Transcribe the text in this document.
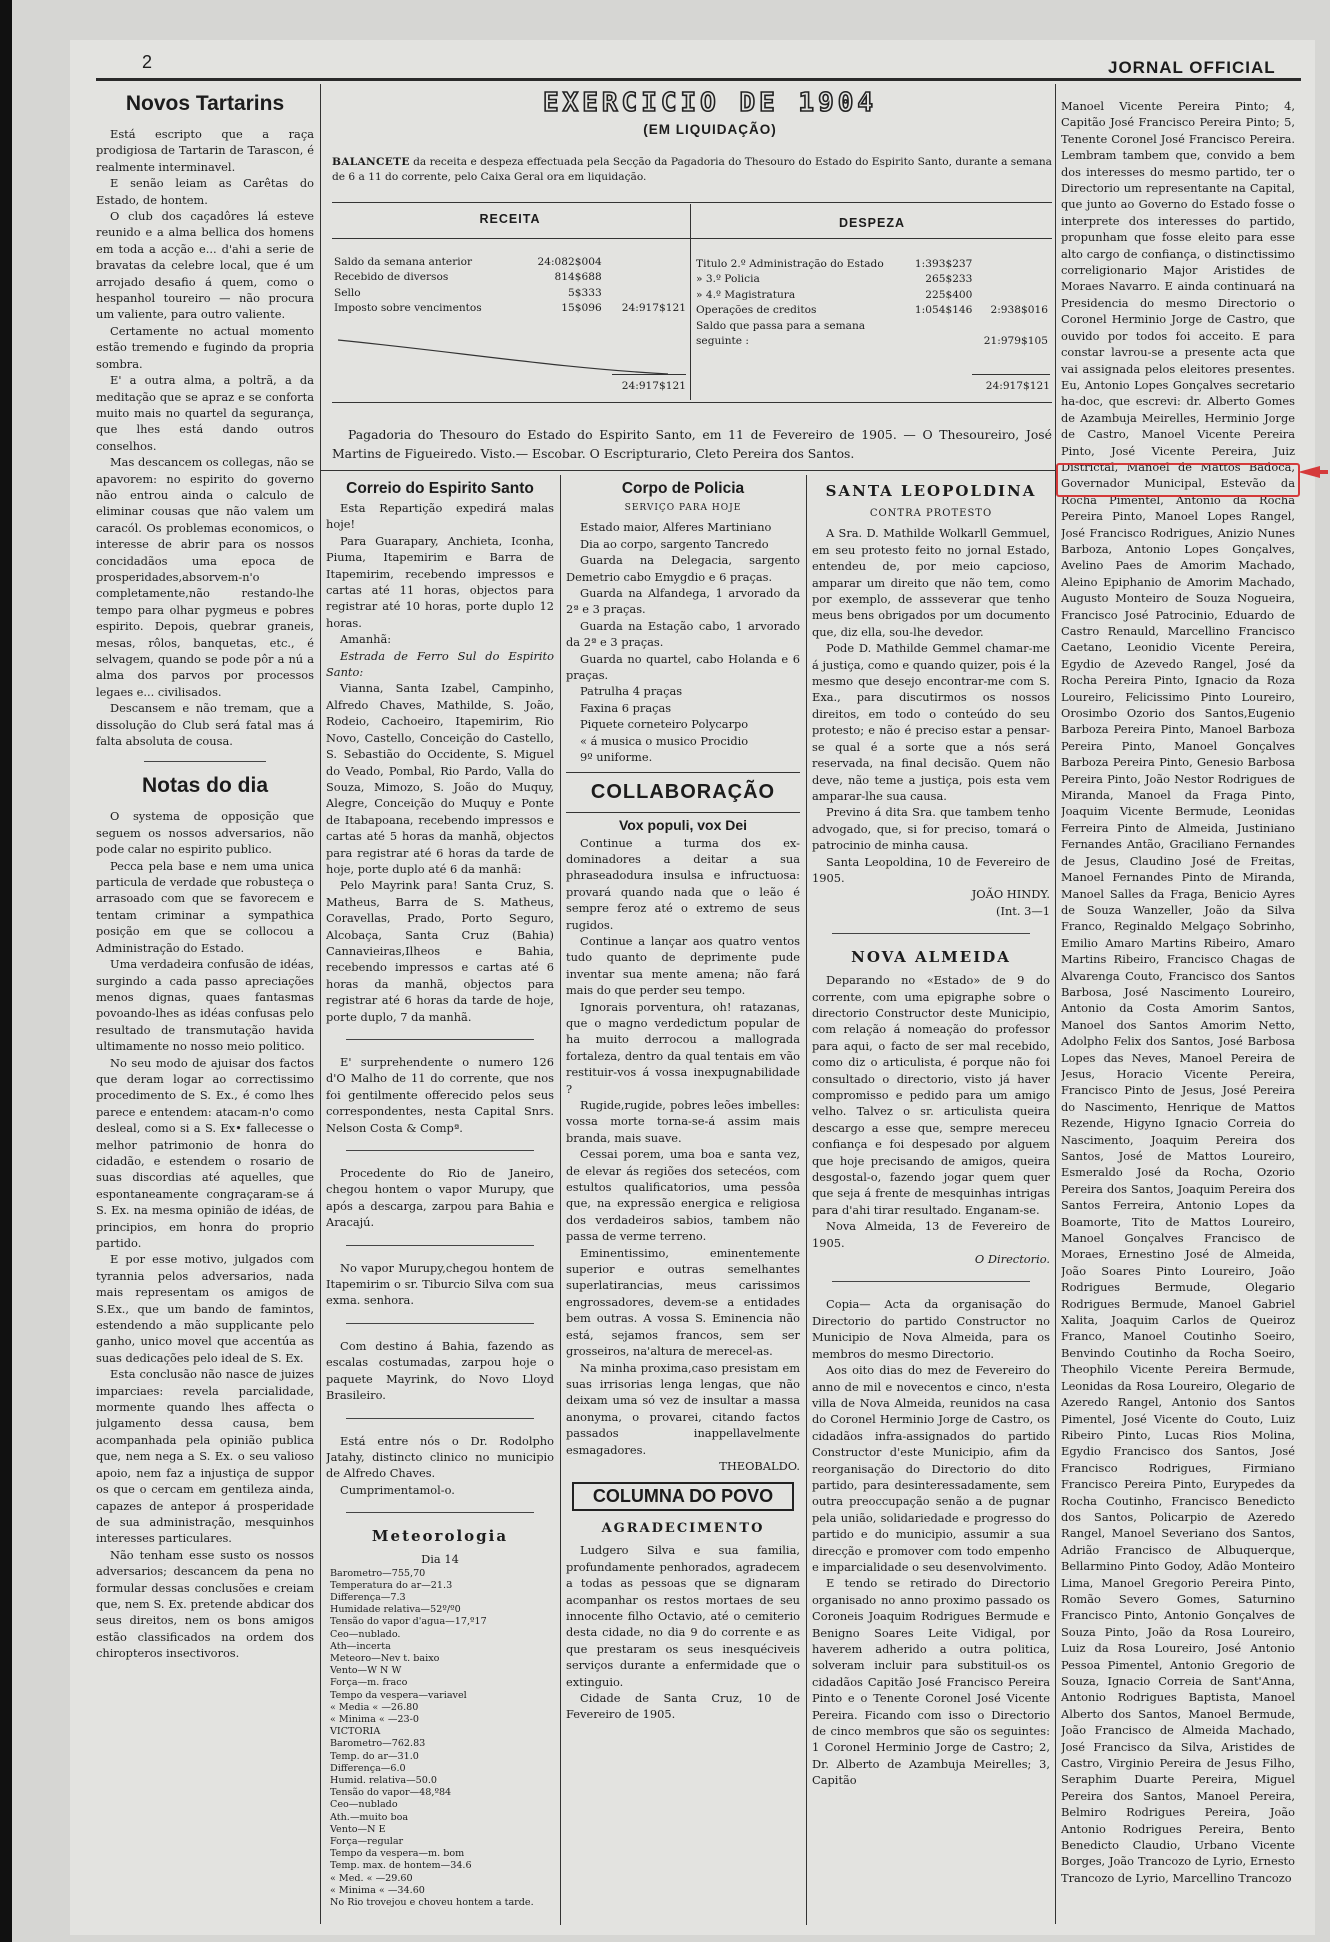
2	JORNAL OFFICIAL
Novos Tartarins

Está escripto que a raça prodigiosa de Tartarin de Tarascon, é realmente interminavel.

E senão leiam as Carêtas do Estado, de hontem.

O club dos caçadôres lá esteve reunido e a alma bellica dos homens em toda a acção e... d'ahi a serie de bravatas da celebre local, que é um arrojado desafio á quem, como o hespanhol toureiro — não procura um valiente, para outro valiente.

Certamente no actual momento estão tremendo e fugindo da propria sombra.

E' a outra alma, a poltrã, a da meditação que se apraz e se conforta muito mais no quartel da segurança, que lhes está dando outros conselhos.

Mas descancem os collegas, não se apavorem: no espirito do governo não entrou ainda o calculo de eliminar cousas que não valem um caracól. Os problemas economicos, o interesse de abrir para os nossos concidadãos uma epoca de prosperidades,absorvem-n'o completamente,não restando-lhe tempo para olhar pygmeus e pobres espirito. Depois, quebrar graneis, mesas, rôlos, banquetas, etc., é selvagem, quando se pode pôr a nú a alma dos parvos por processos legaes e... civilisados.

Descansem e não tremam, que a dissolução do Club será fatal mas á falta absoluta de cousa.

Notas do dia

O systema de opposição que seguem os nossos adversarios, não pode calar no espirito publico.

Pecca pela base e nem uma unica particula de verdade que robusteça o arrasoado com que se favorecem e tentam criminar a sympathica posição em que se collocou a Administração do Estado.

Uma verdadeira confusão de idéas, surgindo a cada passo apreciações menos dignas, quaes fantasmas povoando-lhes as idéas confusas pelo resultado de transmutação havida ultimamente no nosso meio politico.

No seu modo de ajuisar dos factos que deram logar ao correctissimo procedimento de S. Ex., é como lhes parece e entendem: atacam-n'o como desleal, como si a S. Ex• fallecesse o melhor patrimonio de honra do cidadão, e estendem o rosario de suas discordias até aquelles, que espontaneamente congraçaram-se á S. Ex. na mesma opinião de idéas, de principios, em honra do proprio partido.

E por esse motivo, julgados com tyrannia pelos adversarios, nada mais representam os amigos de S.Ex., que um bando de famintos, estendendo a mão supplicante pelo ganho, unico movel que accentúa as suas dedicações pelo ideal de S. Ex.

Esta conclusão não nasce de juizes imparciaes: revela parcialidade, mormente quando lhes affecta o julgamento dessa causa, bem acompanhada pela opinião publica que, nem nega a S. Ex. o seu valioso apoio, nem faz a injustiça de suppor os que o cercam em gentileza ainda, capazes de antepor á prosperidade de sua administração, mesquinhos interesses particulares.

Não tenham esse susto os nossos adversarios; descancem da pena no formular dessas conclusões e creiam que, nem S. Ex. pretende abdicar dos seus direitos, nem os bons amigos estão classificados na ordem dos chiropteros insectivoros.

EXERCICIO DE 1904
(EM LIQUIDAÇÃO)
BALANCETE da receita e despeza effectuada pela Secção da Pagadoria do Thesouro do Estado do Espirito Santo, durante a semana de 6 a 11 do corrente, pelo Caixa Geral ora em liquidação.
RECEITA	DESPEZA
Saldo da semana anterior	24:082$004	
Recebido de diversos	814$688	
Sello	5$333	
Imposto sobre vencimentos	15$096	24:917$121
24:917$121
Titulo 2.º Administração do Estado	1:393$237	
» 3.º Policia	265$233	
» 4.º Magistratura	225$400	
Operações de creditos	1:054$146	2:938$016
Saldo que passa para a semana		
seguinte :		21:979$105
24:917$121
Pagadoria do Thesouro do Estado do Espirito Santo, em 11 de Fevereiro de 1905. — O Thesoureiro, José Martins de Figueiredo. Visto.— Escobar. O Escripturario, Cleto Pereira dos Santos.
Correio do Espirito Santo

Esta Repartição expedirá malas hoje!

Para Guarapary, Anchieta, Iconha, Piuma, Itapemirim e Barra de Itapemirim, recebendo impressos e cartas até 11 horas, objectos para registrar até 10 horas, porte duplo 12 horas.

Amanhã:

Estrada de Ferro Sul do Espirito Santo:

Vianna, Santa Izabel, Campinho, Alfredo Chaves, Mathilde, S. João, Rodeio, Cachoeiro, Itapemirim, Rio Novo, Castello, Conceição do Castello, S. Sebastião do Occidente, S. Miguel do Veado, Pombal, Rio Pardo, Valla do Souza, Mimozo, S. João do Muquy, Alegre, Conceição do Muquy e Ponte de Itabapoana, recebendo impressos e cartas até 5 horas da manhã, objectos para registrar até 6 horas da tarde de hoje, porte duplo até 6 da manhã:

Pelo Mayrink para! Santa Cruz, S. Matheus, Barra de S. Matheus, Coravellas, Prado, Porto Seguro, Alcobaça, Santa Cruz (Bahia) Cannavieiras,Ilheos e Bahia, recebendo impressos e cartas até 6 horas da manhã, objectos para registrar até 6 horas da tarde de hoje, porte duplo, 7 da manhã.

E' surprehendente o numero 126 d'O Malho de 11 do corrente, que nos foi gentilmente offerecido pelos seus correspondentes, nesta Capital Snrs. Nelson Costa & Compª.

Procedente do Rio de Janeiro, chegou hontem o vapor Murupy, que após a descarga, zarpou para Bahia e Aracajú.

No vapor Murupy,chegou hontem de Itapemirim o sr. Tiburcio Silva com sua exma. senhora.

Com destino á Bahia, fazendo as escalas costumadas, zarpou hoje o paquete Mayrink, do Novo Lloyd Brasileiro.

Está entre nós o Dr. Rodolpho Jatahy, distincto clinico no municipio de Alfredo Chaves.

Cumprimentamol-o.

Meteorologia

Dia 14

Barometro—755,70
Temperatura do ar—21.3
Differença—7.3
Humidade relativa—52º/º0
Tensão do vapor d'agua—17,º17
Ceo—nublado.
Ath—incerta
Meteoro—Nev t. baixo
Vento—W N W
Força—m. fraco
Tempo da vespera—variavel
« Media « —26.80
« Minima « —23-0
VICTORIA
Barometro—762.83
Temp. do ar—31.0
Differença—6.0
Humid. relativa—50.0
Tensão do vapor—48,º84
Ceo—nublado
Ath.—muito boa
Vento—N E
Força—regular
Tempo da vespera—m. bom
Temp. max. de hontem—34.6
« Med. « —29.60
« Minima « —34.60
No Rio trovejou e choveu hontem a tarde.
Corpo de Policia
SERVIÇO PARA HOJE

Estado maior, Alferes Martiniano

Dia ao corpo, sargento Tancredo

Guarda na Delegacia, sargento Demetrio cabo Emygdio e 6 praças.

Guarda na Alfandega, 1 arvorado da 2ª e 3 praças.

Guarda na Estação cabo, 1 arvorado da 2ª e 3 praças.

Guarda no quartel, cabo Holanda e 6 praças.

Patrulha 4 praças

Faxina 6 praças

Piquete corneteiro Polycarpo

« á musica o musico Procidio

9º uniforme.

COLLABORAÇÃO
Vox populi, vox Dei

Continue a turma dos ex-dominadores a deitar a sua phraseadodura insulsa e infructuosa: provará quando nada que o leão é sempre feroz até o extremo de seus rugidos.

Continue a lançar aos quatro ventos tudo quanto de deprimente pude inventar sua mente amena; não fará mais do que perder seu tempo.

Ignorais porventura, oh! ratazanas, que o magno verdedictum popular de ha muito derrocou a mallograda fortaleza, dentro da qual tentais em vão restituir-vos á vossa inexpugnabilidade ?

Rugide,rugide, pobres leões imbelles: vossa morte torna-se-á assim mais branda, mais suave.

Cessai porem, uma boa e santa vez, de elevar ás regiões dos setecéos, com estultos qualificatorios, uma pessôa que, na expressão energica e religiosa dos verdadeiros sabios, tambem não passa de verme terreno.

Eminentissimo, eminentemente superior e outras semelhantes superlatirancias, meus carissimos engrossadores, devem-se a entidades bem outras. A vossa S. Eminencia não está, sejamos francos, sem ser grosseiros, na'altura de merecel-as.

Na minha proxima,caso presistam em suas irrisorias lenga lengas, que não deixam uma só vez de insultar a massa anonyma, o provarei, citando factos passados inappellavelmente esmagadores.

THEOBALDO.

COLUMNA DO POVO
AGRADECIMENTO

Ludgero Silva e sua familia, profundamente penhorados, agradecem a todas as pessoas que se dignaram acompanhar os restos mortaes de seu innocente filho Octavio, até o cemiterio desta cidade, no dia 9 do corrente e as que prestaram os seus inesquéciveis serviços durante a enfermidade que o extinguio.

Cidade de Santa Cruz, 10 de Fevereiro de 1905.

SANTA LEOPOLDINA
CONTRA PROTESTO

A Sra. D. Mathilde Wolkarll Gemmuel, em seu protesto feito no jornal Estado, entendeu de, por meio capcioso, amparar um direito que não tem, como por exemplo, de assseverar que tenho meus bens obrigados por um documento que, diz ella, sou-lhe devedor.

Pode D. Mathilde Gemmel chamar-me á justiça, como e quando quizer, pois é la mesmo que desejo encontrar-me com S. Exa., para discutirmos os nossos direitos, em todo o conteúdo do seu protesto; e não é preciso estar a pensar-se qual é a sorte que a nós será reservada, na final decisão. Quem não deve, não teme a justiça, pois esta vem amparar-lhe sua causa.

Previno á dita Sra. que tambem tenho advogado, que, si for preciso, tomará o patrocinio de minha causa.

Santa Leopoldina, 10 de Fevereiro de 1905.

JOÃO HINDY.

(Int. 3—1

NOVA ALMEIDA

Deparando no «Estado» de 9 do corrente, com uma epigraphe sobre o directorio Constructor deste Municipio, com relação á nomeação do professor para aqui, o facto de ser mal recebido, como diz o articulista, é porque não foi consultado o directorio, visto já haver compromisso e pedido para um amigo velho. Talvez o sr. articulista queira descargo a esse que, sempre mereceu confiança e foi despesado por alguem que hoje precisando de amigos, queira desgostal-o, fazendo jogar quem quer que seja á frente de mesquinhas intrigas para d'ahi tirar resultado. Enganam-se.

Nova Almeida, 13 de Fevereiro de 1905.

O Directorio.

Copia— Acta da organisação do Directorio do partido Constructor no Municipio de Nova Almeida, para os membros do mesmo Directorio.

Aos oito dias do mez de Fevereiro do anno de mil e novecentos e cinco, n'esta villa de Nova Almeida, reunidos na casa do Coronel Herminio Jorge de Castro, os cidadãos infra-assignados do partido Constructor d'este Municipio, afim da reorganisação do Directorio do dito partido, para desinteressadamente, sem outra preoccupação senão a de pugnar pela união, solidariedade e progresso do partido e do municipio, assumir a sua direcção e promover com todo empenho e imparcialidade o seu desenvolvimento.

E tendo se retirado do Directorio organisado no anno proximo passado os Coroneis Joaquim Rodrigues Bermude e Benigno Soares Leite Vidigal, por haverem adherido a outra politica, solveram incluir para substituil-os os cidadãos Capitão José Francisco Pereira Pinto e o Tenente Coronel José Vicente Pereira. Ficando com isso o Directorio de cinco membros que são os seguintes: 1 Coronel Herminio Jorge de Castro; 2, Dr. Alberto de Azambuja Meirelles; 3, Capitão

Manoel Vicente Pereira Pinto; 4, Capitão José Francisco Pereira Pinto; 5, Tenente Coronel José Francisco Pereira. Lembram tambem que, convido a bem dos interesses do mesmo partido, ter o Directorio um representante na Capital, que junto ao Governo do Estado fosse o interprete dos interesses do partido, propunham que fosse eleito para esse alto cargo de confiança, o distinctissimo correligionario Major Aristides de Moraes Navarro. E ainda continuará na Presidencia do mesmo Directorio o Coronel Herminio Jorge de Castro, que ouvido por todos foi acceito. E para constar lavrou-se a presente acta que vai assignada pelos eleitores presentes. Eu, Antonio Lopes Gonçalves secretario ha-doc, que escrevi: dr. Alberto Gomes de Azambuja Meirelles, Herminio Jorge de Castro, Manoel Vicente Pereira Pinto, José Vicente Pereira, Juiz Districtal, Manoel de Mattos Badoca, Governador Municipal, Estevão da Rocha Pimentel, Antonio da Rocha Pereira Pinto, Manoel Lopes Rangel, José Francisco Rodrigues, Anizio Nunes Barboza, Antonio Lopes Gonçalves, Avelino Paes de Amorim Machado, Aleino Epiphanio de Amorim Machado, Augusto Monteiro de Souza Nogueira, Francisco José Patrocinio, Eduardo de Castro Renauld, Marcellino Francisco Caetano, Leonidio Vicente Pereira, Egydio de Azevedo Rangel, José da Rocha Pereira Pinto, Ignacio da Roza Loureiro, Felicissimo Pinto Loureiro, Orosimbo Ozorio dos Santos,Eugenio Barboza Pereira Pinto, Manoel Barboza Pereira Pinto, Manoel Gonçalves Barboza Pereira Pinto, Genesio Barbosa Pereira Pinto, João Nestor Rodrigues de Miranda, Manoel da Fraga Pinto, Joaquim Vicente Bermude, Leonidas Ferreira Pinto de Almeida, Justiniano Fernandes Antão, Graciliano Fernandes de Jesus, Claudino José de Freitas, Manoel Fernandes Pinto de Miranda, Manoel Salles da Fraga, Benicio Ayres de Souza Wanzeller, João da Silva Franco, Reginaldo Melgaço Sobrinho, Emilio Amaro Martins Ribeiro, Amaro Martins Ribeiro, Francisco Chagas de Alvarenga Couto, Francisco dos Santos Barbosa, José Nascimento Loureiro, Antonio da Costa Amorim Santos, Manoel dos Santos Amorim Netto, Adolpho Felix dos Santos, José Barbosa Lopes das Neves, Manoel Pereira de Jesus, Horacio Vicente Pereira, Francisco Pinto de Jesus, José Pereira do Nascimento, Henrique de Mattos Rezende, Higyno Ignacio Correia do Nascimento, Joaquim Pereira dos Santos, José de Mattos Loureiro, Esmeraldo José da Rocha, Ozorio Pereira dos Santos, Joaquim Pereira dos Santos Ferreira, Antonio Lopes da Boamorte, Tito de Mattos Loureiro, Manoel Gonçalves Francisco de Moraes, Ernestino José de Almeida, João Soares Pinto Loureiro, João Rodrigues Bermude, Olegario Rodrigues Bermude, Manoel Gabriel Xalita, Joaquim Carlos de Queiroz Franco, Manoel Coutinho Soeiro, Benvindo Coutinho da Rocha Soeiro, Theophilo Vicente Pereira Bermude, Leonidas da Rosa Loureiro, Olegario de Azeredo Rangel, Antonio dos Santos Pimentel, José Vicente do Couto, Luiz Ribeiro Pinto, Lucas Rios Molina, Egydio Francisco dos Santos, José Francisco Rodrigues, Firmiano Francisco Pereira Pinto, Eurypedes da Rocha Coutinho, Francisco Benedicto dos Santos, Policarpio de Azeredo Rangel, Manoel Severiano dos Santos, Adrião Francisco de Albuquerque, Bellarmino Pinto Godoy, Adão Monteiro Lima, Manoel Gregorio Pereira Pinto, Romão Severo Gomes, Saturnino Francisco Pinto, Antonio Gonçalves de Souza Pinto, João da Rosa Loureiro, Luiz da Rosa Loureiro, José Antonio Pessoa Pimentel, Antonio Gregorio de Souza, Ignacio Correia de Sant'Anna, Antonio Rodrigues Baptista, Manoel Alberto dos Santos, Manoel Bermude, João Francisco de Almeida Machado, José Francisco da Silva, Aristides de Castro, Virginio Pereira de Jesus Filho, Seraphim Duarte Pereira, Miguel Pereira dos Santos, Manoel Pereira, Belmiro Rodrigues Pereira, João Antonio Rodrigues Pereira, Bento Benedicto Claudio, Urbano Vicente Borges, João Trancozo de Lyrio, Ernesto Trancozo de Lyrio, Marcellino Trancozo
